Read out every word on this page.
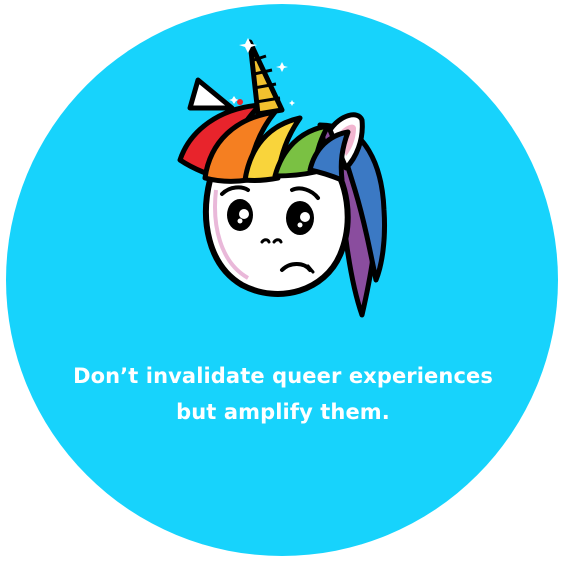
Don’t invalidate queer experiences
but amplify them.
